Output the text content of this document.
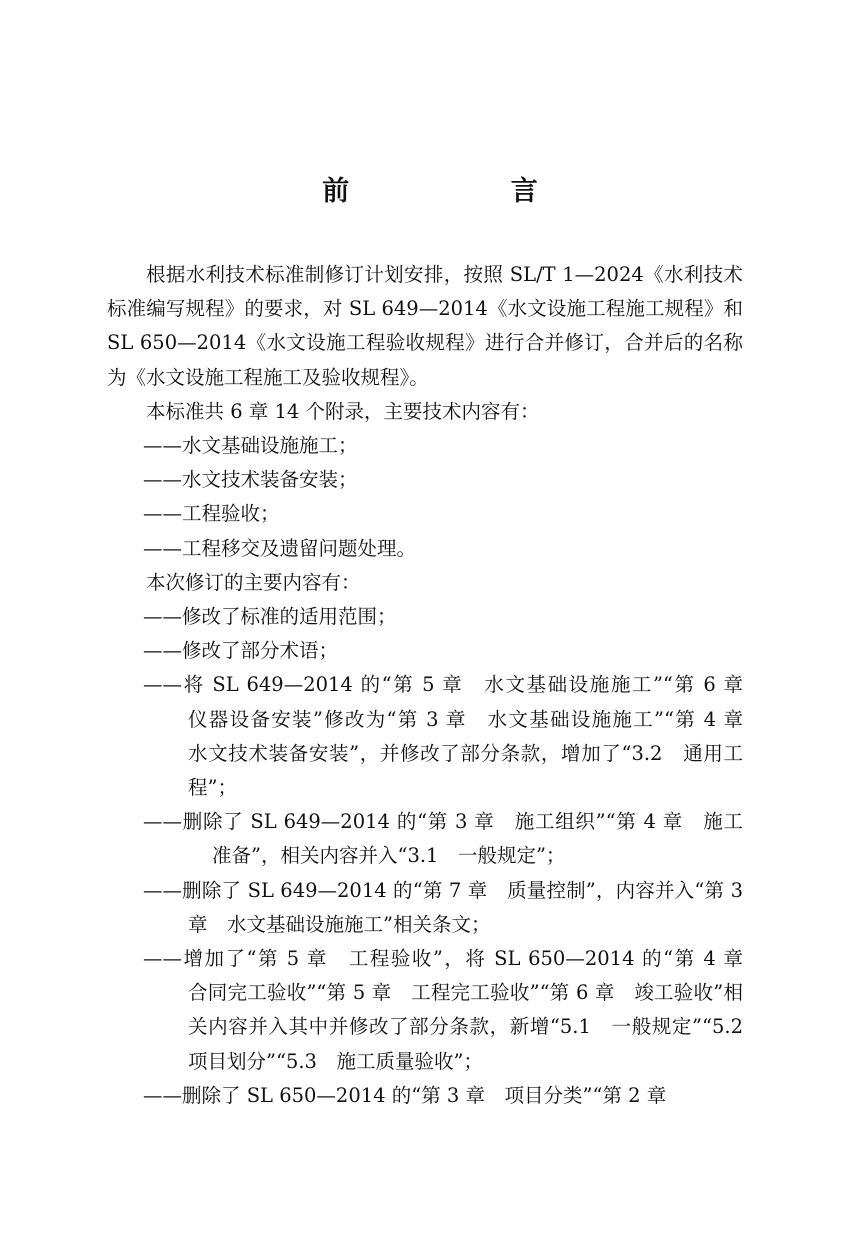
前 言

根据水利技术标准制修订计划安排，按照 SL/T 1—2024《水利技术标准编写规程》的要求，对 SL 649—2014《水文设施工程施工规程》和 SL 650—2014《水文设施工程验收规程》进行合并修订，合并后的名称为《水文设施工程施工及验收规程》。

本标准共 6 章 14 个附录，主要技术内容有：

——水文基础设施施工；

——水文技术装备安装；

——工程验收；

——工程移交及遗留问题处理。

本次修订的主要内容有：

——修改了标准的适用范围；

——修改了部分术语；

——将 SL 649—2014 的“第 5 章　水文基础设施施工”“第 6 章　仪器设备安装”修改为“第 3 章　水文基础设施施工”“第 4 章　水文技术装备安装”，并修改了部分条款，增加了“3.2　通用工程”；

——删除了 SL 649—2014 的“第 3 章　施工组织”“第 4 章　施工准备”，相关内容并入“3.1　一般规定”；

——删除了 SL 649—2014 的“第 7 章　质量控制”，内容并入“第 3 章　水文基础设施施工”相关条文；

——增加了“第 5 章　工程验收”，将 SL 650—2014 的“第 4 章　合同完工验收”“第 5 章　工程完工验收”“第 6 章　竣工验收”相关内容并入其中并修改了部分条款，新增“5.1　一般规定”“5.2　项目划分”“5.3　施工质量验收”；

——删除了 SL 650—2014 的“第 3 章　项目分类”“第 2 章
